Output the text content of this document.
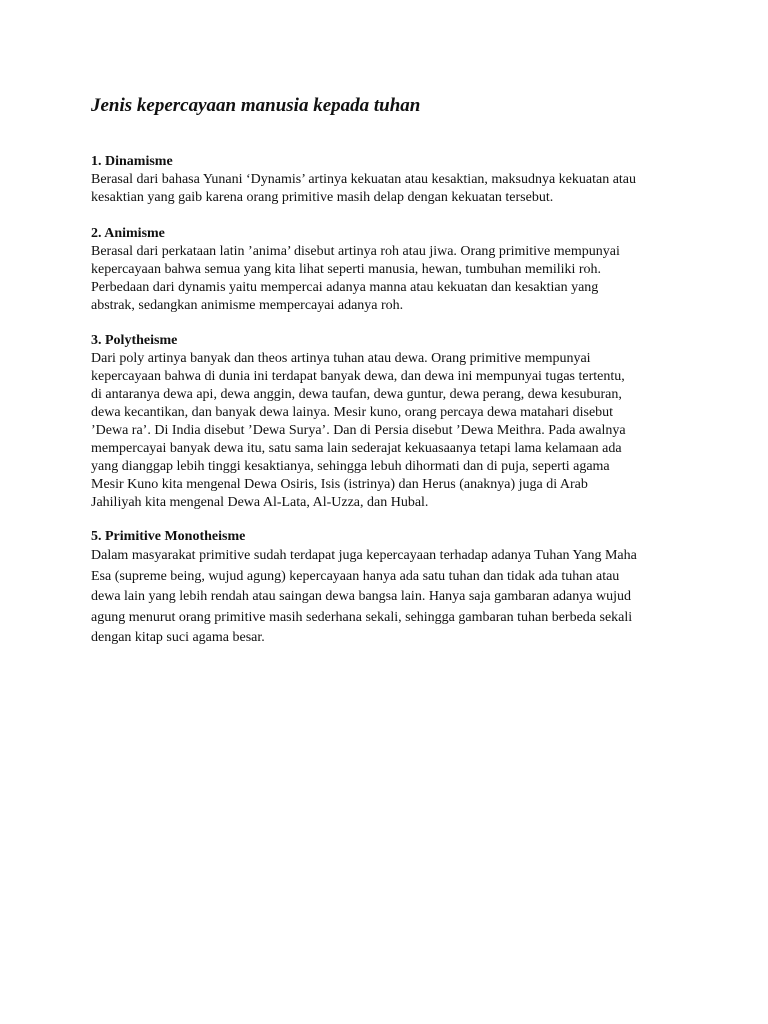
Jenis kepercayaan manusia kepada tuhan
1. Dinamisme

Berasal dari bahasa Yunani ‘Dynamis’ artinya kekuatan atau kesaktian, maksudnya kekuatan atau
kesaktian yang gaib karena orang primitive masih delap dengan kekuatan tersebut.

2. Animisme

Berasal dari perkataan latin ’anima’ disebut artinya roh atau jiwa. Orang primitive mempunyai
kepercayaan bahwa semua yang kita lihat seperti manusia, hewan, tumbuhan memiliki roh.
Perbedaan dari dynamis yaitu mempercai adanya manna atau kekuatan dan kesaktian yang
abstrak, sedangkan animisme mempercayai adanya roh.

3. Polytheisme

Dari poly artinya banyak dan theos artinya tuhan atau dewa. Orang primitive mempunyai
kepercayaan bahwa di dunia ini terdapat banyak dewa, dan dewa ini mempunyai tugas tertentu,
di antaranya dewa api, dewa anggin, dewa taufan, dewa guntur, dewa perang, dewa kesuburan,
dewa kecantikan, dan banyak dewa lainya. Mesir kuno, orang percaya dewa matahari disebut
’Dewa ra’. Di India disebut ’Dewa Surya’. Dan di Persia disebut ’Dewa Meithra. Pada awalnya
mempercayai banyak dewa itu, satu sama lain sederajat kekuasaanya tetapi lama kelamaan ada
yang dianggap lebih tinggi kesaktianya, sehingga lebuh dihormati dan di puja, seperti agama
Mesir Kuno kita mengenal Dewa Osiris, Isis (istrinya) dan Herus (anaknya) juga di Arab
Jahiliyah kita mengenal Dewa Al-Lata, Al-Uzza, dan Hubal.

5. Primitive Monotheisme

Dalam masyarakat primitive sudah terdapat juga kepercayaan terhadap adanya Tuhan Yang Maha
Esa (supreme being, wujud agung) kepercayaan hanya ada satu tuhan dan tidak ada tuhan atau
dewa lain yang lebih rendah atau saingan dewa bangsa lain. Hanya saja gambaran adanya wujud
agung menurut orang primitive masih sederhana sekali, sehingga gambaran tuhan berbeda sekali
dengan kitap suci agama besar.
